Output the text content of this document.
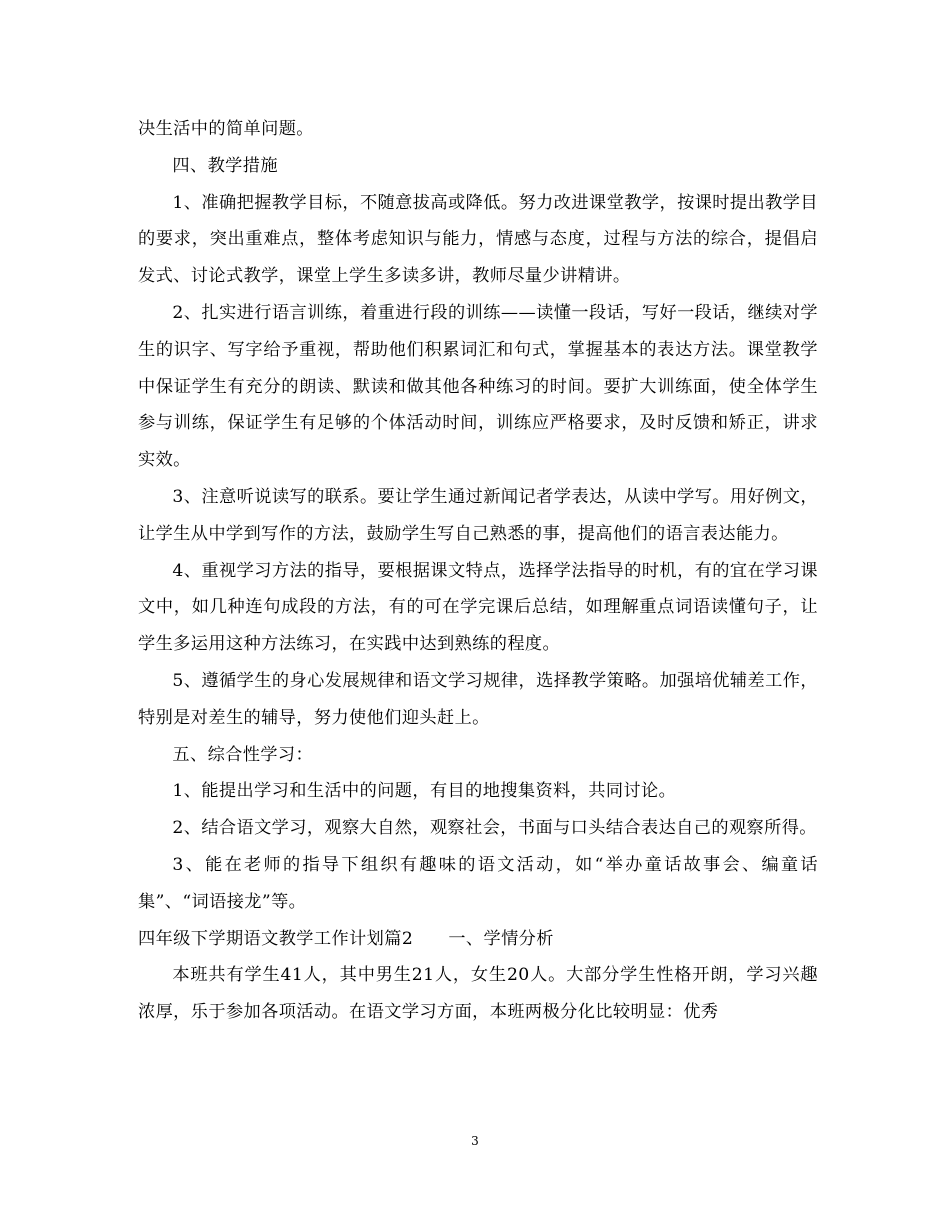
决生活中的简单问题。

四、教学措施

1、准确把握教学目标，不随意拔高或降低。努力改进课堂教学，按课时提出教学目的要求，突出重难点，整体考虑知识与能力，情感与态度，过程与方法的综合，提倡启发式、讨论式教学，课堂上学生多读多讲，教师尽量少讲精讲。

2、扎实进行语言训练，着重进行段的训练——读懂一段话，写好一段话，继续对学生的识字、写字给予重视，帮助他们积累词汇和句式，掌握基本的表达方法。课堂教学中保证学生有充分的朗读、默读和做其他各种练习的时间。要扩大训练面，使全体学生参与训练，保证学生有足够的个体活动时间，训练应严格要求，及时反馈和矫正，讲求实效。

3、注意听说读写的联系。要让学生通过新闻记者学表达，从读中学写。用好例文，让学生从中学到写作的方法，鼓励学生写自己熟悉的事，提高他们的语言表达能力。

4、重视学习方法的指导，要根据课文特点，选择学法指导的时机，有的宜在学习课文中，如几种连句成段的方法，有的可在学完课后总结，如理解重点词语读懂句子，让学生多运用这种方法练习，在实践中达到熟练的程度。

5、遵循学生的身心发展规律和语文学习规律，选择教学策略。加强培优辅差工作，特别是对差生的辅导，努力使他们迎头赶上。

五、综合性学习：

1、能提出学习和生活中的问题，有目的地搜集资料，共同讨论。

2、结合语文学习，观察大自然，观察社会，书面与口头结合表达自己的观察所得。

3、能在老师的指导下组织有趣味的语文活动，如“举办童话故事会、编童话集”、“词语接龙”等。

四年级下学期语文教学工作计划篇2　　一、学情分析

本班共有学生41人，其中男生21人，女生20人。大部分学生性格开朗，学习兴趣浓厚，乐于参加各项活动。在语文学习方面，本班两极分化比较明显：优秀

3
